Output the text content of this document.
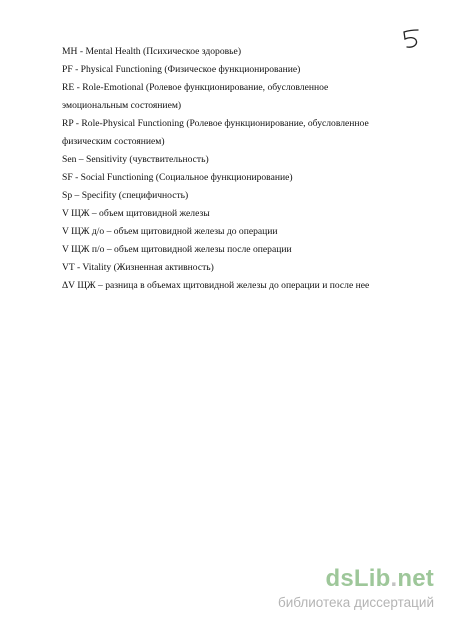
MH - Mental Health (Психическое здоровье)
PF - Physical Functioning (Физическое функционирование)
RE - Role-Emotional (Ролевое функционирование, обусловленное
эмоциональным состоянием)
RP - Role-Physical Functioning (Ролевое функционирование, обусловленное
физическим состоянием)
Sen – Sensitivity (чувствительность)
SF - Social Functioning (Социальное функционирование)
Sp – Specifity (специфичность)
V ЩЖ – объем щитовидной железы
V ЩЖ д/о – объем щитовидной железы до операции
V ЩЖ п/о – объем щитовидной железы после операции
VT - Vitality (Жизненная активность)
ΔV ЩЖ – разница в объемах щитовидной железы до операции и после нее
dsLib.net
библиотека диссертаций
